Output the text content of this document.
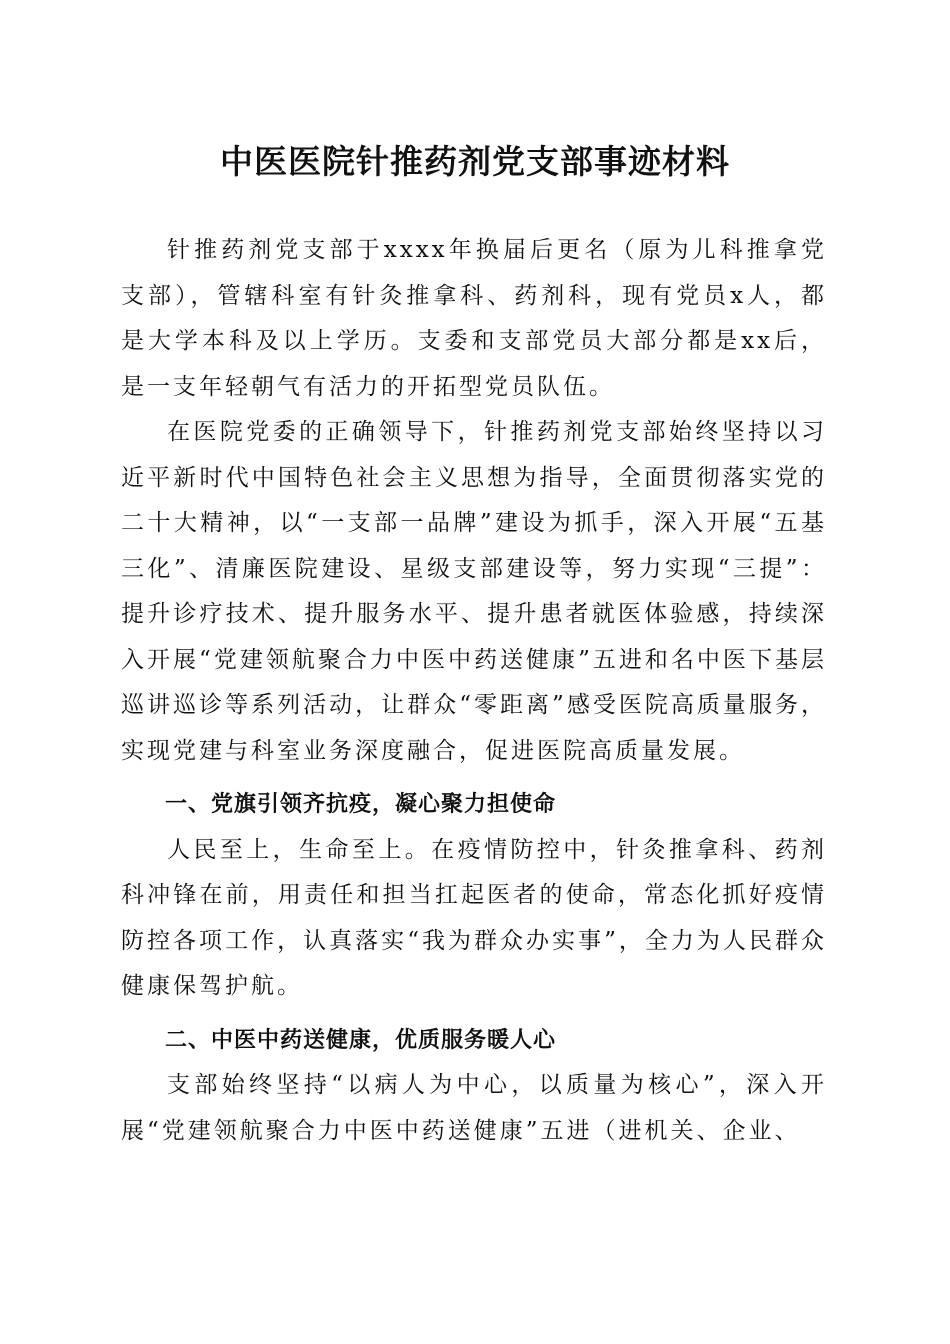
中医医院针推药剂党支部事迹材料

针推药剂党支部于xxxx年换届后更名（原为儿科推拿党支部），管辖科室有针灸推拿科、药剂科，现有党员x人，都是大学本科及以上学历。支委和支部党员大部分都是xx后，是一支年轻朝气有活力的开拓型党员队伍。

在医院党委的正确领导下，针推药剂党支部始终坚持以习近平新时代中国特色社会主义思想为指导，全面贯彻落实党的二十大精神，以“一支部一品牌”建设为抓手，深入开展“五基三化”、清廉医院建设、星级支部建设等，努力实现“三提”：提升诊疗技术、提升服务水平、提升患者就医体验感，持续深入开展“党建领航聚合力中医中药送健康”五进和名中医下基层巡讲巡诊等系列活动，让群众“零距离”感受医院高质量服务，实现党建与科室业务深度融合，促进医院高质量发展。

一、党旗引领齐抗疫，凝心聚力担使命

人民至上，生命至上。在疫情防控中，针灸推拿科、药剂科冲锋在前，用责任和担当扛起医者的使命，常态化抓好疫情防控各项工作，认真落实“我为群众办实事”，全力为人民群众健康保驾护航。

二、中医中药送健康，优质服务暖人心

支部始终坚持“以病人为中心，以质量为核心”，深入开展“党建领航聚合力中医中药送健康”五进（进机关、企业、
